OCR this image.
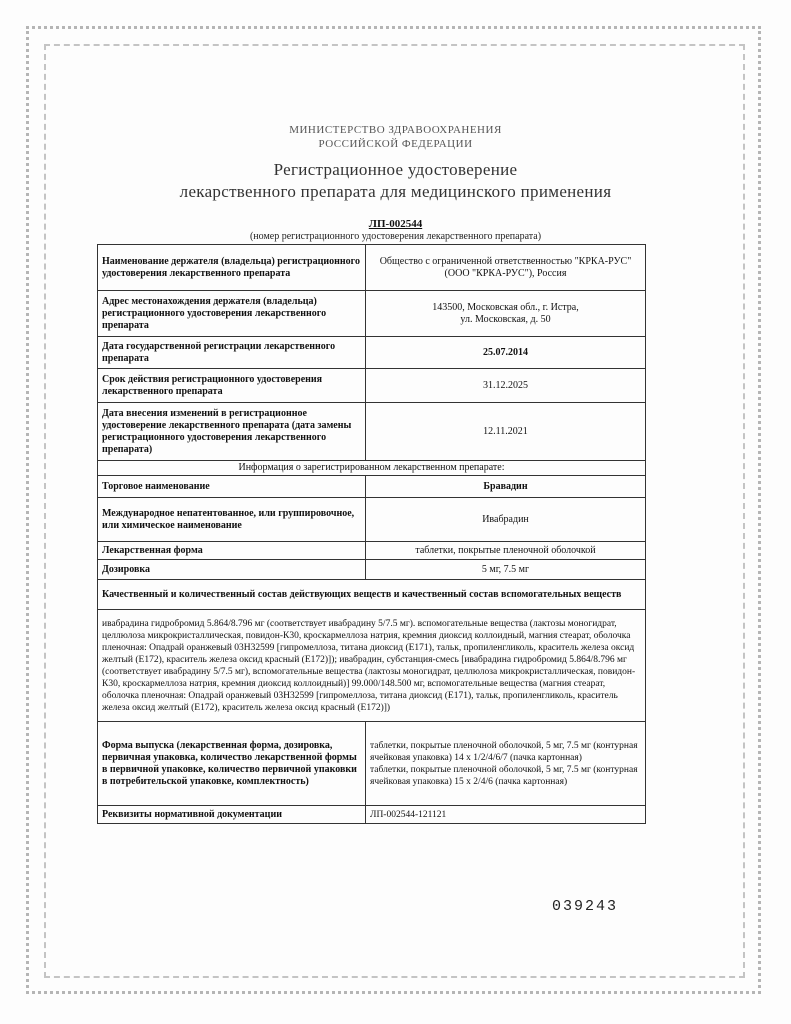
МИНИСТЕРСТВО ЗДРАВООХРАНЕНИЯ
РОССИЙСКОЙ ФЕДЕРАЦИИ
Регистрационное удостоверение
лекарственного препарата для медицинского применения
ЛП-002544
(номер регистрационного удостоверения лекарственного препарата)
Наименование держателя (владельца) регистрационного удостоверения лекарственного препарата	Общество с ограниченной ответственностью "КРКА-РУС" (ООО "КРКА-РУС"), Россия
Адрес местонахождения держателя (владельца) регистрационного удостоверения лекарственного препарата	143500, Московская обл., г. Истра,
ул. Московская, д. 50

Дата государственной регистрации лекарственного препарата	25.07.2014
Срок действия регистрационного удостоверения лекарственного препарата	31.12.2025
Дата внесения изменений в регистрационное удостоверение лекарственного препарата (дата замены регистрационного удостоверения лекарственного препарата)	12.11.2021
Информация о зарегистрированном лекарственном препарате:	
Торговое наименование	Бравадин
Международное непатентованное, или группировочное, или химическое наименование	Ивабрадин
Лекарственная форма	таблетки, покрытые пленочной оболочкой
Дозировка	5 мг, 7.5 мг
Качественный и количественный состав действующих веществ и качественный состав вспомогательных веществ	
ивабрадина гидробромид 5.864/8.796 мг (соответствует ивабрадину 5/7.5 мг). вспомогательные вещества (лактозы моногидрат, целлюлоза микрокристаллическая, повидон-К30, кроскармеллоза натрия, кремния диоксид коллоидный, магния стеарат, оболочка пленочная: Опадрай оранжевый 03H32599 [гипромеллоза, титана диоксид (E171), тальк, пропиленгликоль, краситель железа оксид желтый (E172), краситель железа оксид красный (E172)]); ивабрадин, субстанция-смесь [ивабрадина гидробромид 5.864/8.796 мг (соответствует ивабрадину 5/7.5 мг), вспомогательные вещества (лактозы моногидрат, целлюлоза микрокристаллическая, повидон-К30, кроскармеллоза натрия, кремния диоксид коллоидный)] 99.000/148.500 мг, вспомогательные вещества (магния стеарат, оболочка пленочная: Опадрай оранжевый 03H32599 [гипромеллоза, титана диоксид (E171), тальк, пропиленгликоль, краситель железа оксид желтый (E172), краситель железа оксид красный (E172)])	
Форма выпуска (лекарственная форма, дозировка, первичная упаковка, количество лекарственной формы в первичной упаковке, количество первичной упаковки в потребительской упаковке, комплектность)	таблетки, покрытые пленочной оболочкой, 5 мг, 7.5 мг (контурная ячейковая упаковка) 14 x 1/2/4/6/7 (пачка картонная)
таблетки, покрытые пленочной оболочкой, 5 мг, 7.5 мг (контурная ячейковая упаковка) 15 x 2/4/6 (пачка картонная)

Реквизиты нормативной документации	ЛП-002544-121121
039243
